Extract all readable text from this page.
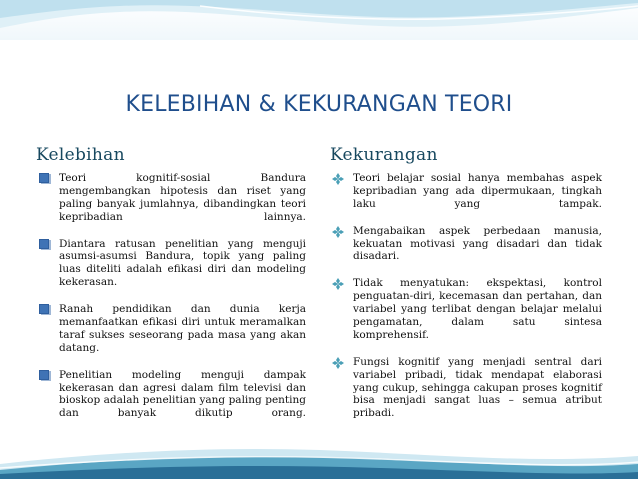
KELEBIHAN & KEKURANGAN TEORI
Kelebihan	Kekurangan
Teori kognitif-sosial Bandura mengembangkan hipotesis dan riset yang paling banyak jumlahnya, dibandingkan teori kepribadian lainnya.
Diantara ratusan penelitian yang menguji asumsi-asumsi Bandura, topik yang paling luas diteliti adalah efikasi diri dan modeling kekerasan.
Ranah pendidikan dan dunia kerja memanfaatkan efikasi diri untuk meramalkan taraf sukses seseorang pada masa yang akan datang.
Penelitian modeling menguji dampak kekerasan dan agresi dalam film televisi dan bioskop adalah penelitian yang paling penting dan banyak dikutip orang.
Teori belajar sosial hanya membahas aspek kepribadian yang ada dipermukaan, tingkah laku yang tampak.
Mengabaikan aspek perbedaan manusia, kekuatan motivasi yang disadari dan tidak disadari.
Tidak menyatukan: ekspektasi, kontrol penguatan-diri, kecemasan dan pertahan, dan variabel yang terlibat dengan belajar melalui pengamatan, dalam satu sintesa komprehensif.
Fungsi kognitif yang menjadi sentral dari variabel pribadi, tidak mendapat elaborasi yang cukup, sehingga cakupan proses kognitif bisa menjadi sangat luas – semua atribut pribadi.
